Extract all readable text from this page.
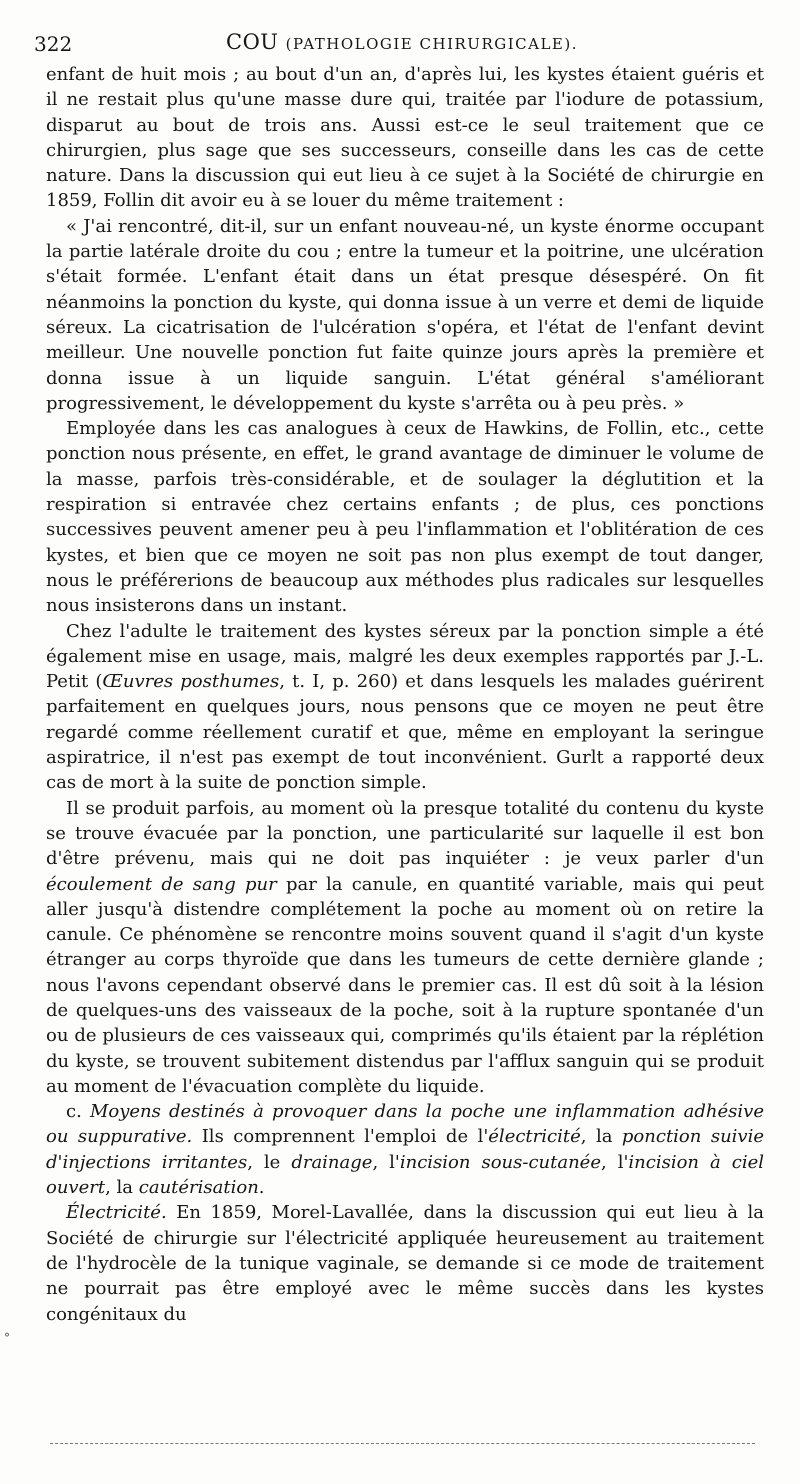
322	COU (PATHOLOGIE CHIRURGICALE).

enfant de huit mois ; au bout d'un an, d'après lui, les kystes étaient guéris et il ne restait plus qu'une masse dure qui, traitée par l'iodure de potassium, disparut au bout de trois ans. Aussi est-ce le seul traitement que ce chirurgien, plus sage que ses successeurs, conseille dans les cas de cette nature. Dans la discussion qui eut lieu à ce sujet à la Société de chirurgie en 1859, Follin dit avoir eu à se louer du même traitement :

« J'ai rencontré, dit-il, sur un enfant nouveau-né, un kyste énorme occupant la partie latérale droite du cou ; entre la tumeur et la poitrine, une ulcération s'était formée. L'enfant était dans un état presque désespéré. On fit néanmoins la ponction du kyste, qui donna issue à un verre et demi de liquide séreux. La cicatrisation de l'ulcération s'opéra, et l'état de l'enfant devint meilleur. Une nouvelle ponction fut faite quinze jours après la première et donna issue à un liquide sanguin. L'état général s'améliorant progressivement, le développement du kyste s'arrêta ou à peu près. »

Employée dans les cas analogues à ceux de Hawkins, de Follin, etc., cette ponction nous présente, en effet, le grand avantage de diminuer le volume de la masse, parfois très-considérable, et de soulager la déglutition et la respiration si entravée chez certains enfants ; de plus, ces ponctions successives peuvent amener peu à peu l'inflammation et l'oblitération de ces kystes, et bien que ce moyen ne soit pas non plus exempt de tout danger, nous le préférerions de beaucoup aux méthodes plus radicales sur lesquelles nous insisterons dans un instant.

Chez l'adulte le traitement des kystes séreux par la ponction simple a été également mise en usage, mais, malgré les deux exemples rapportés par J.-L. Petit (Œuvres posthumes, t. I, p. 260) et dans lesquels les malades guérirent parfaitement en quelques jours, nous pensons que ce moyen ne peut être regardé comme réellement curatif et que, même en employant la seringue aspiratrice, il n'est pas exempt de tout inconvénient. Gurlt a rapporté deux cas de mort à la suite de ponction simple.

Il se produit parfois, au moment où la presque totalité du contenu du kyste se trouve évacuée par la ponction, une particularité sur laquelle il est bon d'être prévenu, mais qui ne doit pas inquiéter : je veux parler d'un écoulement de sang pur par la canule, en quantité variable, mais qui peut aller jusqu'à distendre complétement la poche au moment où on retire la canule. Ce phénomène se rencontre moins souvent quand il s'agit d'un kyste étranger au corps thyroïde que dans les tumeurs de cette dernière glande ; nous l'avons cependant observé dans le premier cas. Il est dû soit à la lésion de quelques-uns des vaisseaux de la poche, soit à la rupture spontanée d'un ou de plusieurs de ces vaisseaux qui, comprimés qu'ils étaient par la réplétion du kyste, se trouvent subitement distendus par l'afflux sanguin qui se produit au moment de l'évacuation complète du liquide.

c. Moyens destinés à provoquer dans la poche une inflammation adhésive ou suppurative. Ils comprennent l'emploi de l'électricité, la ponction suivie d'injections irritantes, le drainage, l'incision sous-cutanée, l'incision à ciel ouvert, la cautérisation.

Électricité. En 1859, Morel-Lavallée, dans la discussion qui eut lieu à la Société de chirurgie sur l'électricité appliquée heureusement au traitement de l'hydrocèle de la tunique vaginale, se demande si ce mode de traitement ne pourrait pas être employé avec le même succès dans les kystes congénitaux du

°
